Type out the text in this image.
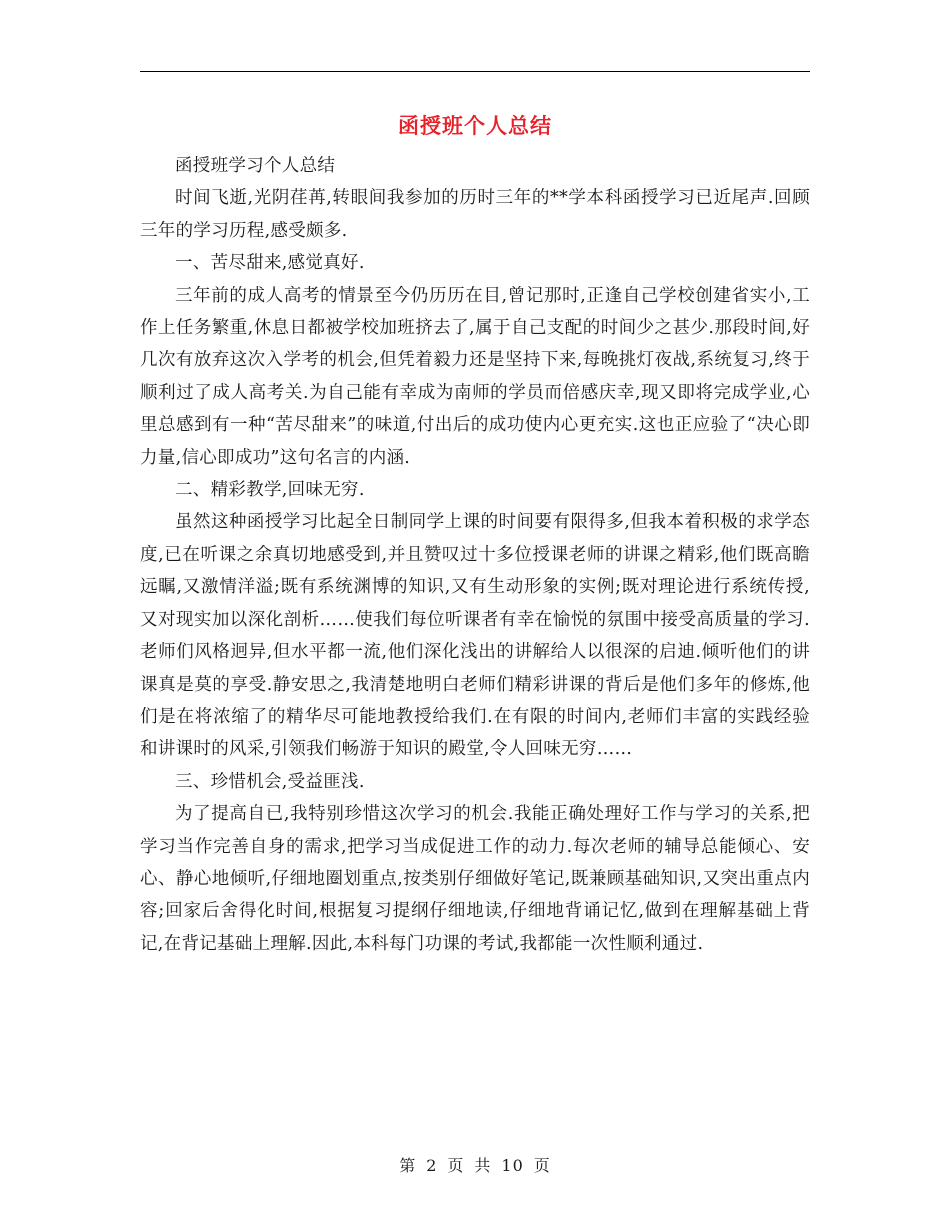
函授班个人总结

函授班学习个人总结

时间飞逝,光阴荏苒,转眼间我参加的历时三年的**学本科函授学习已近尾声.回顾三年的学习历程,感受颇多.

一、苦尽甜来,感觉真好.

三年前的成人高考的情景至今仍历历在目,曾记那时,正逢自己学校创建省实小,工作上任务繁重,休息日都被学校加班挤去了,属于自己支配的时间少之甚少.那段时间,好几次有放弃这次入学考的机会,但凭着毅力还是坚持下来,每晚挑灯夜战,系统复习,终于顺利过了成人高考关.为自己能有幸成为南师的学员而倍感庆幸,现又即将完成学业,心里总感到有一种“苦尽甜来”的味道,付出后的成功使内心更充实.这也正应验了“决心即力量,信心即成功”这句名言的内涵.

二、精彩教学,回味无穷.

虽然这种函授学习比起全日制同学上课的时间要有限得多,但我本着积极的求学态度,已在听课之余真切地感受到,并且赞叹过十多位授课老师的讲课之精彩,他们既高瞻远瞩,又激情洋溢;既有系统渊博的知识,又有生动形象的实例;既对理论进行系统传授,又对现实加以深化剖析……使我们每位听课者有幸在愉悦的氛围中接受高质量的学习.老师们风格迥异,但水平都一流,他们深化浅出的讲解给人以很深的启迪.倾听他们的讲课真是莫的享受.静安思之,我清楚地明白老师们精彩讲课的背后是他们多年的修炼,他们是在将浓缩了的精华尽可能地教授给我们.在有限的时间内,老师们丰富的实践经验和讲课时的风采,引领我们畅游于知识的殿堂,令人回味无穷……

三、珍惜机会,受益匪浅.

为了提高自已,我特别珍惜这次学习的机会.我能正确处理好工作与学习的关系,把学习当作完善自身的需求,把学习当成促进工作的动力.每次老师的辅导总能倾心、安心、静心地倾听,仔细地圈划重点,按类别仔细做好笔记,既兼顾基础知识,又突出重点内容;回家后舍得化时间,根据复习提纲仔细地读,仔细地背诵记忆,做到在理解基础上背记,在背记基础上理解.因此,本科每门功课的考试,我都能一次性顺利通过.

第 2 页 共 10 页
